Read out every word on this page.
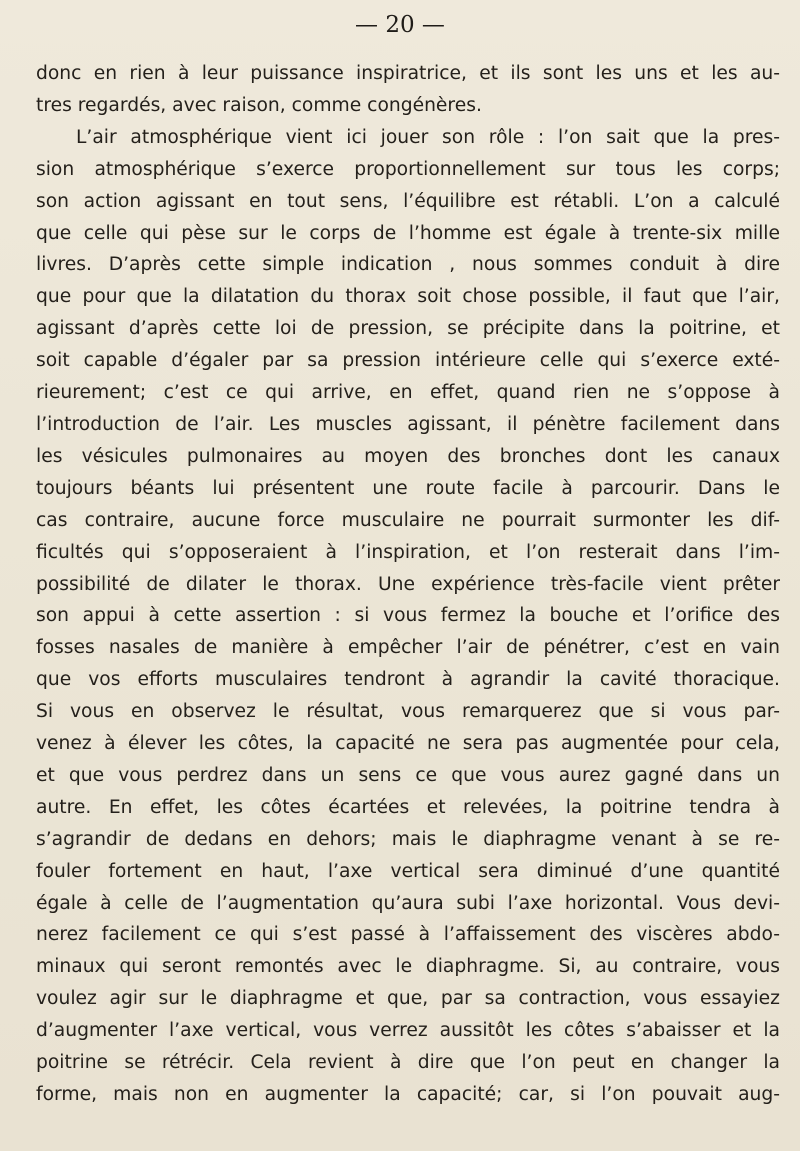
— 20 —
donc en rien à leur puissance inspiratrice, et ils sont les uns et les au-
tres regardés, avec raison, comme congénères.
L’air atmosphérique vient ici jouer son rôle : l’on sait que la pres-
sion atmosphérique s’exerce proportionnellement sur tous les corps;
son action agissant en tout sens, l’équilibre est rétabli. L’on a calculé
que celle qui pèse sur le corps de l’homme est égale à trente-six mille
livres. D’après cette simple indication , nous sommes conduit à dire
que pour que la dilatation du thorax soit chose possible, il faut que l’air,
agissant d’après cette loi de pression, se précipite dans la poitrine, et
soit capable d’égaler par sa pression intérieure celle qui s’exerce exté-
rieurement; c’est ce qui arrive, en effet, quand rien ne s’oppose à
l’introduction de l’air. Les muscles agissant, il pénètre facilement dans
les vésicules pulmonaires au moyen des bronches dont les canaux
toujours béants lui présentent une route facile à parcourir. Dans le
cas contraire, aucune force musculaire ne pourrait surmonter les dif-
ficultés qui s’opposeraient à l’inspiration, et l’on resterait dans l’im-
possibilité de dilater le thorax. Une expérience très-facile vient prêter
son appui à cette assertion : si vous fermez la bouche et l’orifice des
fosses nasales de manière à empêcher l’air de pénétrer, c’est en vain
que vos efforts musculaires tendront à agrandir la cavité thoracique.
Si vous en observez le résultat, vous remarquerez que si vous par-
venez à élever les côtes, la capacité ne sera pas augmentée pour cela,
et que vous perdrez dans un sens ce que vous aurez gagné dans un
autre. En effet, les côtes écartées et relevées, la poitrine tendra à
s’agrandir de dedans en dehors; mais le diaphragme venant à se re-
fouler fortement en haut, l’axe vertical sera diminué d’une quantité
égale à celle de l’augmentation qu’aura subi l’axe horizontal. Vous devi-
nerez facilement ce qui s’est passé à l’affaissement des viscères abdo-
minaux qui seront remontés avec le diaphragme. Si, au contraire, vous
voulez agir sur le diaphragme et que, par sa contraction, vous essayiez
d’augmenter l’axe vertical, vous verrez aussitôt les côtes s’abaisser et la
poitrine se rétrécir. Cela revient à dire que l’on peut en changer la
forme, mais non en augmenter la capacité; car, si l’on pouvait aug-
